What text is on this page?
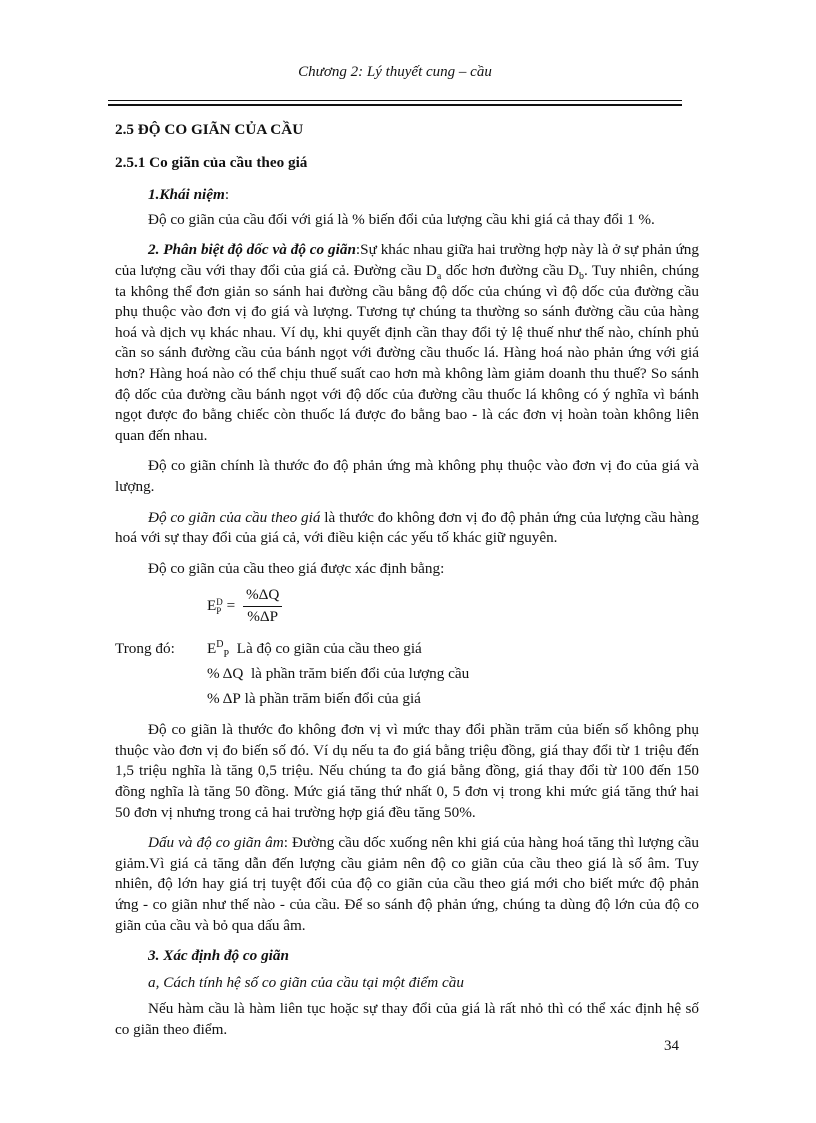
Chương 2: Lý thuyết cung – cầu
2.5 ĐỘ CO GIÃN CỦA CẦU
2.5.1 Co giãn của cầu theo giá

1.Khái niệm:

Độ co giãn của cầu đối với giá là % biến đổi của lượng cầu khi giá cả thay đổi 1 %.

2. Phân biệt độ dốc và độ co giãn:Sự khác nhau giữa hai trường hợp này là ở sự phản ứng của lượng cầu với thay đổi của giá cả. Đường cầu $D_a$ dốc hơn đường cầu $D_b$. Tuy nhiên, chúng ta không thể đơn giản so sánh hai đường cầu bằng độ dốc của chúng vì độ dốc của đường cầu phụ thuộc vào đơn vị đo giá và lượng. Tương tự chúng ta thường so sánh đường cầu của hàng hoá và dịch vụ khác nhau. Ví dụ, khi quyết định cần thay đổi tỷ lệ thuế như thế nào, chính phủ cần so sánh đường cầu của bánh ngọt với đường cầu thuốc lá. Hàng hoá nào phản ứng với giá hơn? Hàng hoá nào có thể chịu thuế suất cao hơn mà không làm giảm doanh thu thuế? So sánh độ dốc của đường cầu bánh ngọt với độ dốc của đường cầu thuốc lá không có ý nghĩa vì bánh ngọt được đo bằng chiếc còn thuốc lá được đo bằng bao - là các đơn vị hoàn toàn không liên quan đến nhau.

Độ co giãn chính là thước đo độ phản ứng mà không phụ thuộc vào đơn vị đo của giá và lượng.

Độ co giãn của cầu theo giá là thước đo không đơn vị đo độ phản ứng của lượng cầu hàng hoá với sự thay đổi của giá cả, với điều kiện các yếu tố khác giữ nguyên.

Độ co giãn của cầu theo giá được xác định bằng:

E D
$P = \frac{\%\Delta Q}{\%\Delta P}$
Trong đó:	$E^D_P$ Là độ co giãn của cầu theo giá
% ΔQ là phần trăm biến đổi của lượng cầu
% ΔP là phần trăm biến đổi của giá

Độ co giãn là thước đo không đơn vị vì mức thay đổi phần trăm của biến số không phụ thuộc vào đơn vị đo biến số đó. Ví dụ nếu ta đo giá bằng triệu đồng, giá thay đổi từ 1 triệu đến 1,5 triệu nghĩa là tăng 0,5 triệu. Nếu chúng ta đo giá bằng đồng, giá thay đổi từ 100 đến 150 đồng nghĩa là tăng 50 đồng. Mức giá tăng thứ nhất 0, 5 đơn vị trong khi mức giá tăng thứ hai 50 đơn vị nhưng trong cả hai trường hợp giá đều tăng 50%.

Dấu và độ co giãn âm: Đường cầu dốc xuống nên khi giá của hàng hoá tăng thì lượng cầu giảm.Vì giá cả tăng dẫn đến lượng cầu giảm nên độ co giãn của cầu theo giá là số âm. Tuy nhiên, độ lớn hay giá trị tuyệt đối của độ co giãn của cầu theo giá mới cho biết mức độ phản ứng - co giãn như thế nào - của cầu. Để so sánh độ phản ứng, chúng ta dùng độ lớn của độ co giãn của cầu và bỏ qua dấu âm.

3. Xác định độ co giãn

a, Cách tính hệ số co giãn của cầu tại một điểm cầu

Nếu hàm cầu là hàm liên tục hoặc sự thay đổi của giá là rất nhỏ thì có thể xác định hệ số co giãn theo điểm.

34
